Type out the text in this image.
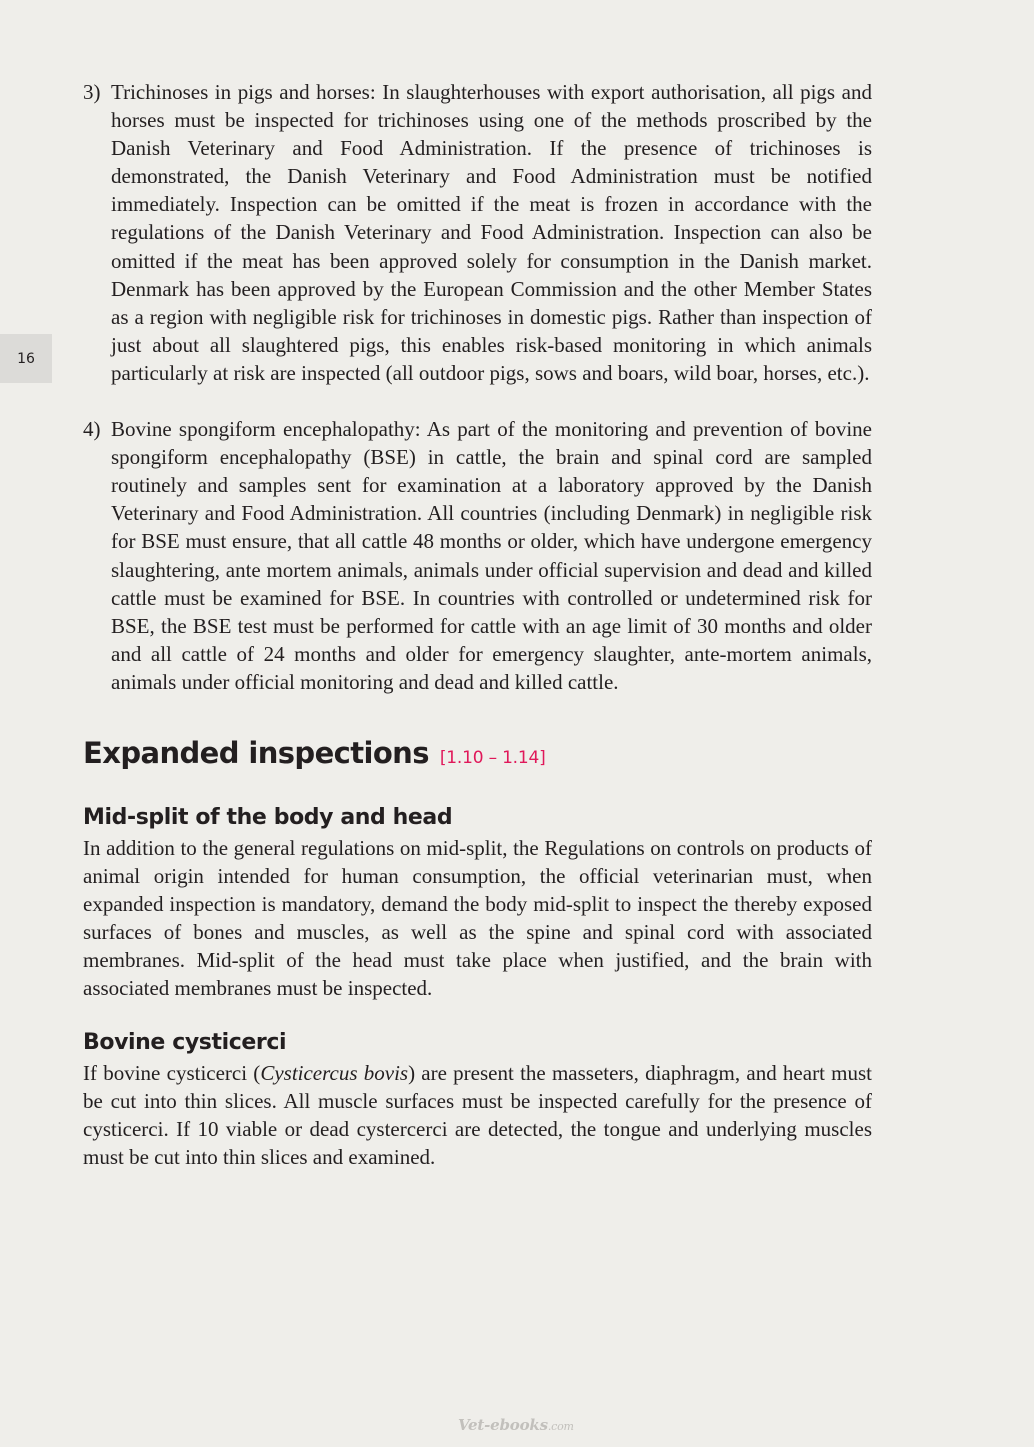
16
3) Trichinoses in pigs and horses: In slaughterhouses with export authorisation, all pigs and horses must be inspected for trichinoses using one of the methods proscribed by the Danish Veterinary and Food Administration. If the presence of trichinoses is demonstrated, the Danish Veterinary and Food Administration must be notified immediately. Inspection can be omitted if the meat is frozen in accordance with the regulations of the Danish Veterinary and Food Administration. Inspection can also be omitted if the meat has been approved solely for consumption in the Danish market. Denmark has been approved by the European Commission and the other Member States as a region with negligible risk for trichinoses in domestic pigs. Rather than inspection of just about all slaughtered pigs, this enables risk-based monitoring in which animals particularly at risk are inspected (all outdoor pigs, sows and boars, wild boar, horses, etc.).
4) Bovine spongiform encephalopathy: As part of the monitoring and prevention of bovine spongiform encephalopathy (BSE) in cattle, the brain and spinal cord are sampled routinely and samples sent for examination at a laboratory approved by the Danish Veterinary and Food Administration. All countries (including Denmark) in negligible risk for BSE must ensure, that all cattle 48 months or older, which have undergone emergency slaughtering, ante mortem animals, animals under official supervision and dead and killed cattle must be examined for BSE. In countries with controlled or undetermined risk for BSE, the BSE test must be performed for cattle with an age limit of 30 months and older and all cattle of 24 months and older for emergency slaughter, ante-mortem animals, animals under official monitoring and dead and killed cattle.
Expanded inspections [1.10 – 1.14]
Mid-split of the body and head

In addition to the general regulations on mid-split, the Regulations on controls on products of animal origin intended for human consumption, the official veterinarian must, when expanded inspection is mandatory, demand the body mid-split to inspect the thereby exposed surfaces of bones and muscles, as well as the spine and spinal cord with associated membranes. Mid-split of the head must take place when justified, and the brain with associated membranes must be inspected.

Bovine cysticerci

If bovine cysticerci (Cysticercus bovis) are present the masseters, diaphragm, and heart must be cut into thin slices. All muscle surfaces must be inspected carefully for the presence of cysticerci. If 10 viable or dead cystercerci are detected, the tongue and underlying muscles must be cut into thin slices and examined.

Vet-ebooks.com
